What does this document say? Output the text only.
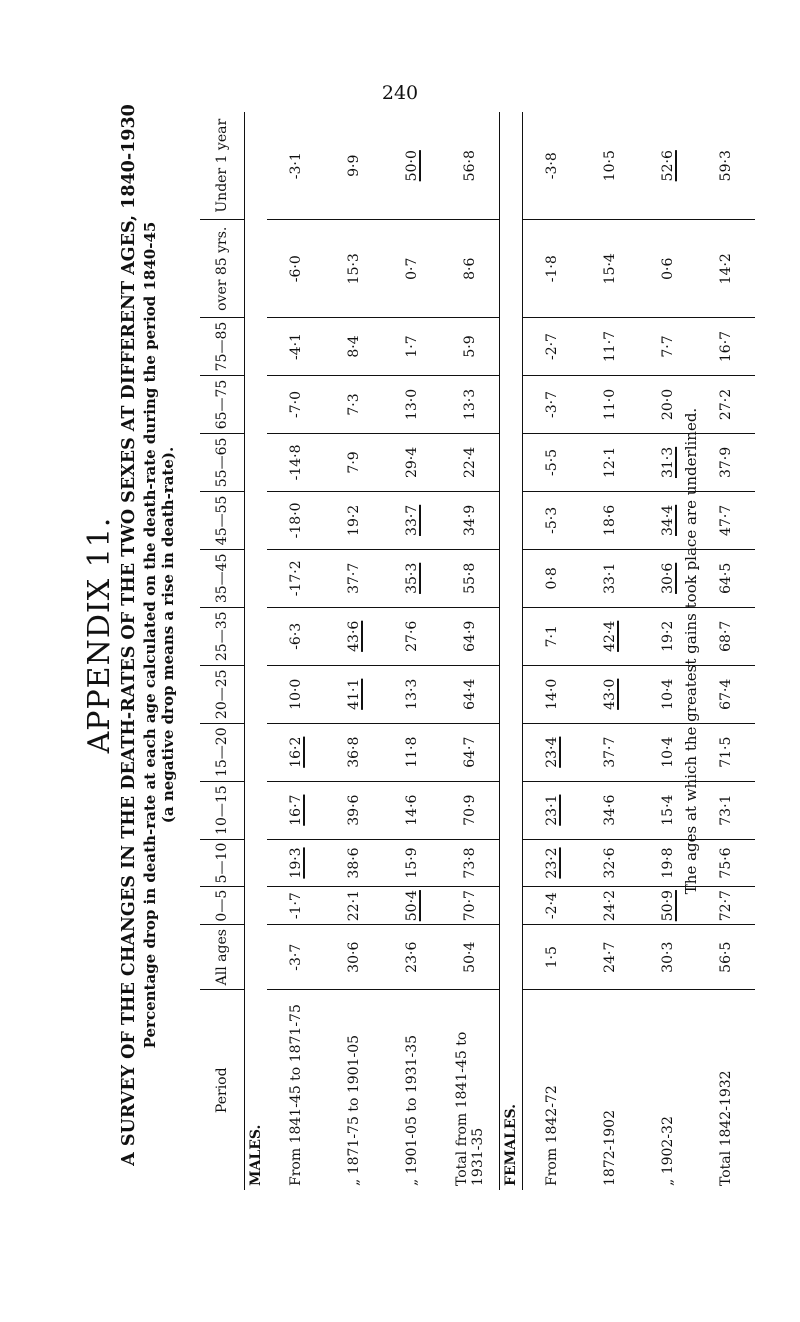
240
APPENDIX 11. A SURVEY OF THE CHANGES IN THE DEATH-RATES OF THE TWO SEXES AT DIFFERENT AGES, 1840-1930 Percentage drop in death-rate at each age calculated on the death-rate during the period 1840-45 (a negative drop means a rise in death-rate).
Period	All ages	0—5	5—10	10—15	15—20	20—25	25—35	35—45	45—55	55—65	65—75	75—85	over 85 yrs.	Under 1 year
MALES.														
From 1841-45 to 1871-75	-3·7	-1·7	19·3	16·7	16·2	10·0	-6·3	-17·2	-18·0	-14·8	-7·0	-4·1	-6·0	-3·1
„ 1871-75 to 1901-05	30·6	22·1	38·6	39·6	36·8	41·1	43·6	37·7	19·2	7·9	7·3	8·4	15·3	9·9
„ 1901-05 to 1931-35	23·6	50·4	15·9	14·6	11·8	13·3	27·6	35·3	33·7	29·4	13·0	1·7	0·7	50·0
Total from 1841-45 to 1931-35	50·4	70·7	73·8	70·9	64·7	64·4	64·9	55·8	34·9	22·4	13·3	5·9	8·6	56·8
FEMALES.														
From 1842-72	1·5	-2·4	23·2	23·1	23·4	14·0	7·1	0·8	-5·3	-5·5	-3·7	-2·7	-1·8	-3·8
1872-1902	24·7	24·2	32·6	34·6	37·7	43·0	42·4	33·1	18·6	12·1	11·0	11·7	15·4	10·5
„ 1902-32	30·3	50·9	19·8	15·4	10·4	10·4	19·2	30·6	34·4	31·3	20·0	7·7	0·6	52·6
Total 1842-1932	56·5	72·7	75·6	73·1	71·5	67·4	68·7	64·5	47·7	37·9	27·2	16·7	14·2	59·3
The ages at which the greatest gains took place are underlined.
